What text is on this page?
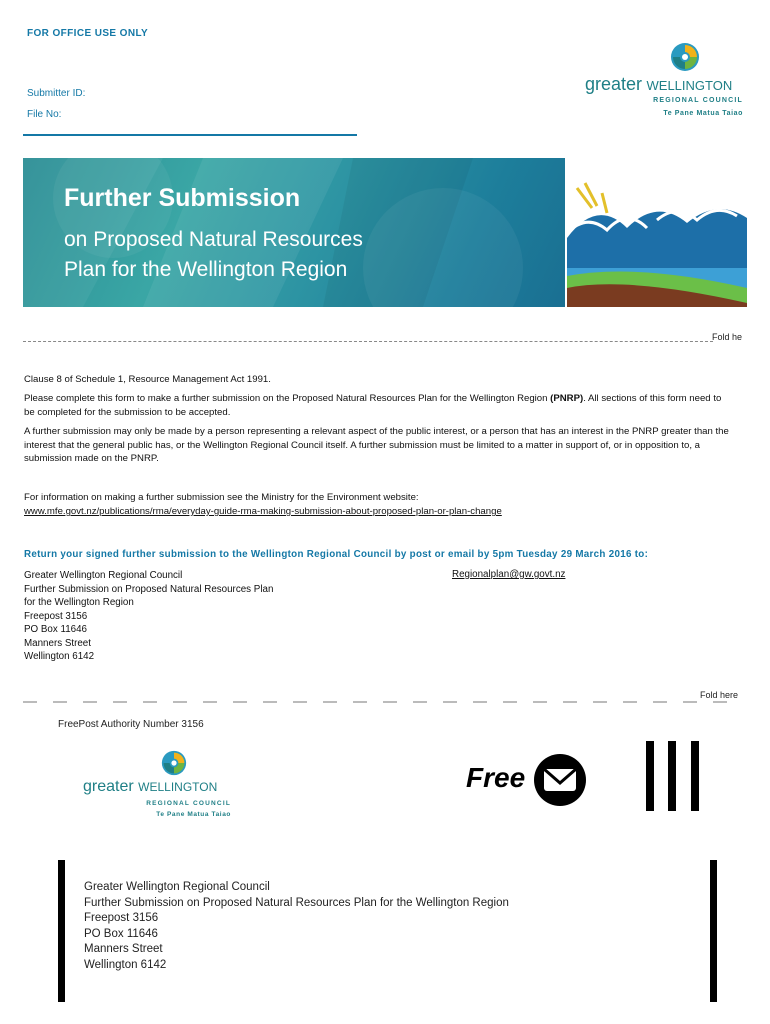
FOR OFFICE USE ONLY
Submitter ID:
File No:
greater WELLINGTON
REGIONAL COUNCIL
Te Pane Matua Taiao
Further Submission
on Proposed Natural Resources
Plan for the Wellington Region
Fold he
Clause 8 of Schedule 1, Resource Management Act 1991.
Please complete this form to make a further submission on the Proposed Natural Resources Plan for the Wellington Region (PNRP). All sections of this form need to be completed for the submission to be accepted.
A further submission may only be made by a person representing a relevant aspect of the public interest, or a person that has an interest in the PNRP greater than the interest that the general public has, or the Wellington Regional Council itself. A further submission must be limited to a matter in support of, or in opposition to, a submission made on the PNRP.
For information on making a further submission see the Ministry for the Environment website:
www.mfe.govt.nz/publications/rma/everyday-guide-rma-making-submission-about-proposed-plan-or-plan-change
Return your signed further submission to the Wellington Regional Council by post or email by 5pm Tuesday 29 March 2016 to:
Greater Wellington Regional Council
Further Submission on Proposed Natural Resources Plan
for the Wellington Region
Freepost 3156
PO Box 11646
Manners Street
Wellington 6142
Regionalplan@gw.govt.nz
Fold here
FreePost Authority Number 3156
greater WELLINGTON
REGIONAL COUNCIL
Te Pane Matua Taiao
Free
Greater Wellington Regional Council
Further Submission on Proposed Natural Resources Plan for the Wellington Region
Freepost 3156
PO Box 11646
Manners Street
Wellington 6142
